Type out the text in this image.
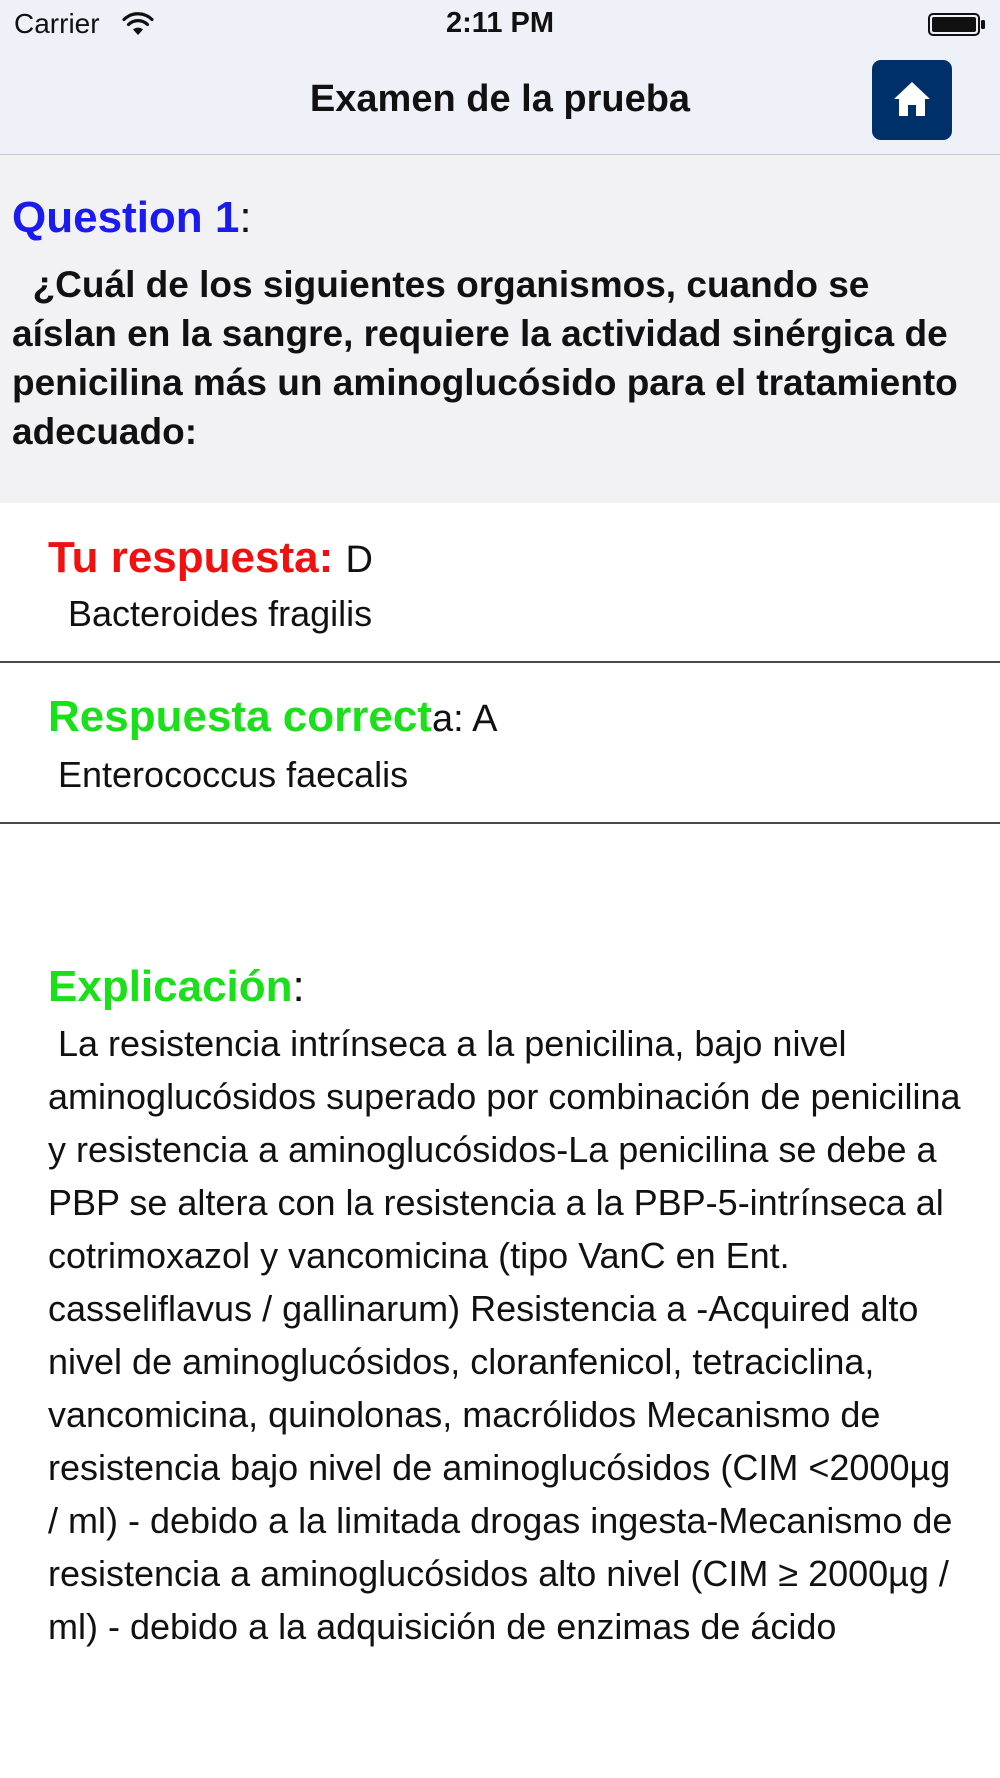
Carrier	2:11 PM
Examen de la prueba
Question 1:
¿Cuál de los siguientes organismos, cuando se aíslan en la sangre, requiere la actividad sinérgica de penicilina más un aminoglucósido para el tratamiento adecuado:
Tu respuesta: D
Bacteroides fragilis
Respuesta correcta: A
Enterococcus faecalis
Explicación:
La resistencia intrínseca a la penicilina, bajo nivel aminoglucósidos superado por combinación de penicilina y resistencia a aminoglucósidos-La penicilina se debe a PBP se altera con la resistencia a la PBP-5-intrínseca al cotrimoxazol y vancomicina (tipo VanC en Ent. casseliflavus / gallinarum) Resistencia a -Acquired alto nivel de aminoglucósidos, cloranfenicol, tetraciclina, vancomicina, quinolonas, macrólidos Mecanismo de resistencia bajo nivel de aminoglucósidos (CIM <2000µg / ml) - debido a la limitada drogas ingesta-Mecanismo de resistencia a aminoglucósidos alto nivel (CIM ≥ 2000µg / ml) - debido a la adquisición de enzimas de ácido
